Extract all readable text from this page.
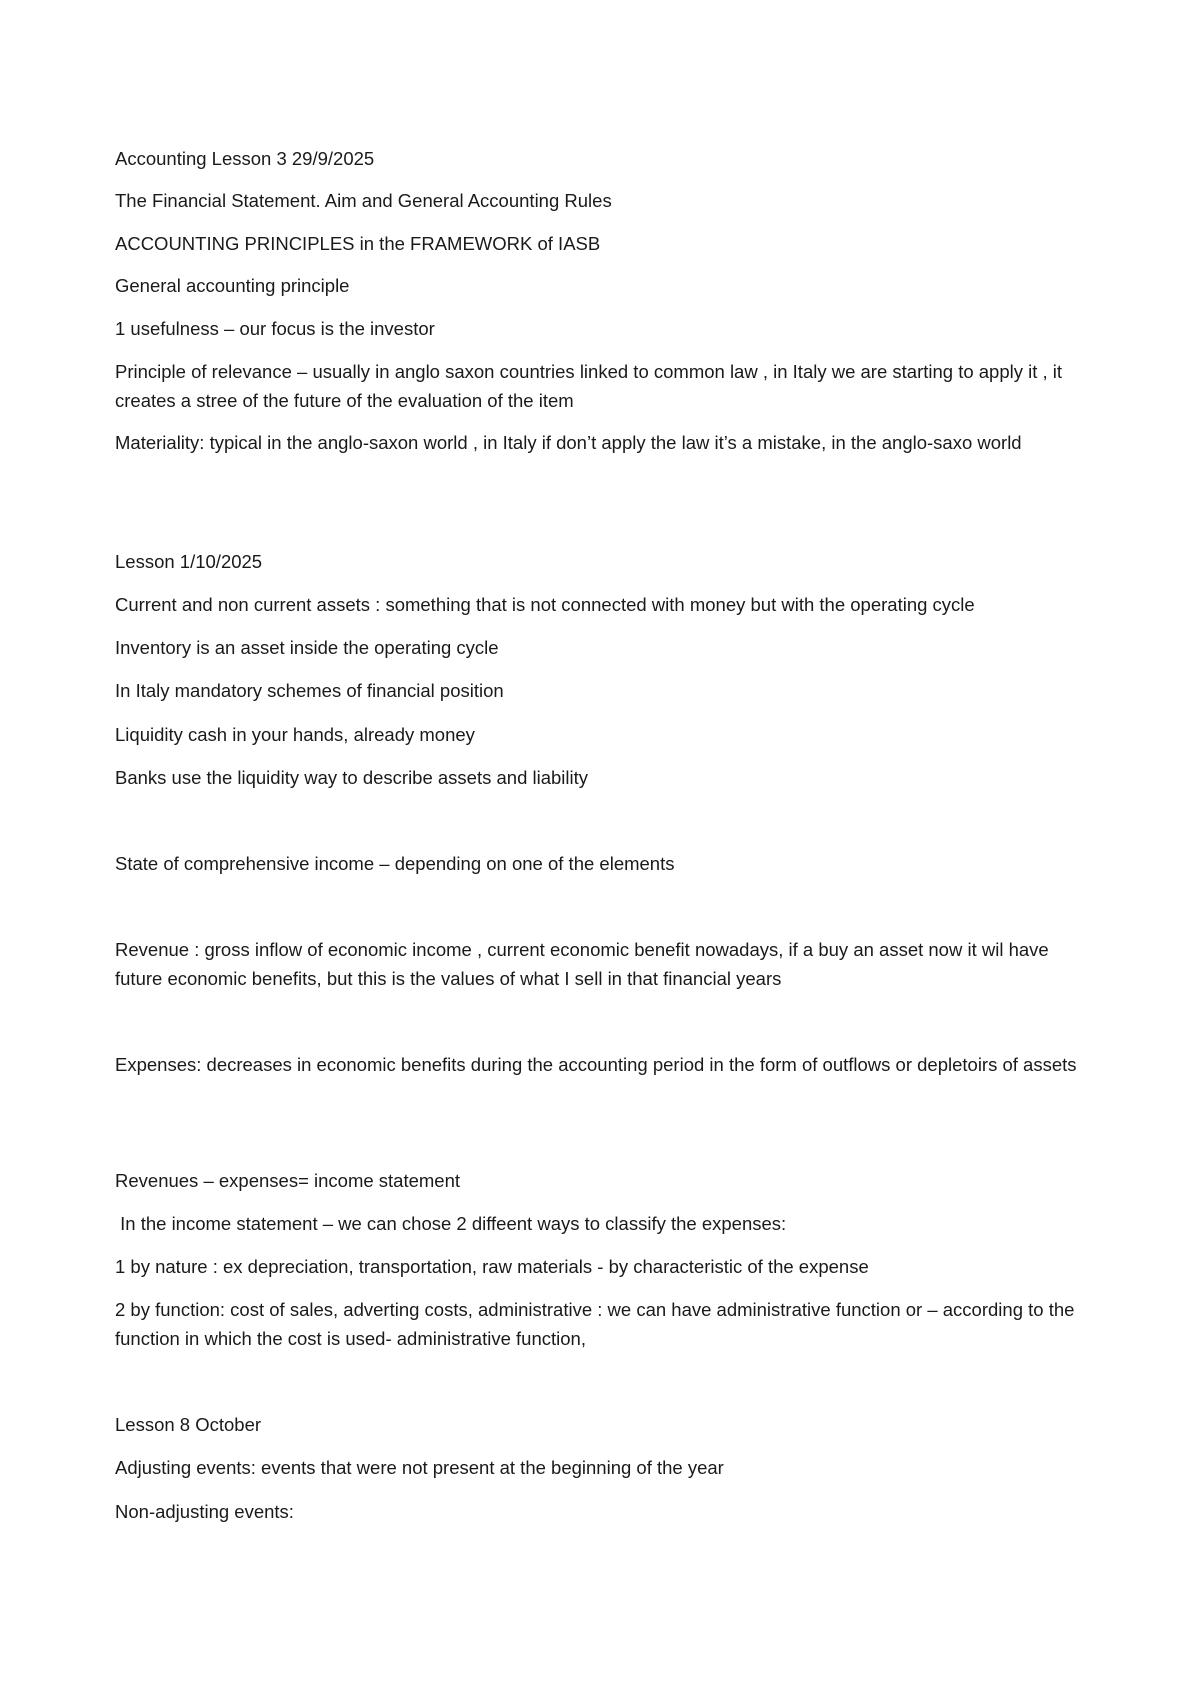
Accounting Lesson 3 29/9/2025

The Financial Statement. Aim and General Accounting Rules

ACCOUNTING PRINCIPLES in the FRAMEWORK of IASB

General accounting principle

1 usefulness – our focus is the investor

Principle of relevance – usually in anglo saxon countries linked to common law , in Italy we are starting to apply it , it creates a stree of the future of the evaluation of the item

Materiality: typical in the anglo-saxon world , in Italy if don’t apply the law it’s a mistake, in the anglo-saxo world

Lesson 1/10/2025

Current and non current assets : something that is not connected with money but with the operating cycle

Inventory is an asset inside the operating cycle

In Italy mandatory schemes of financial position

Liquidity cash in your hands, already money

Banks use the liquidity way to describe assets and liability

State of comprehensive income – depending on one of the elements

Revenue : gross inflow of economic income , current economic benefit nowadays, if a buy an asset now it wil have future economic benefits, but this is the values of what I sell in that financial years

Expenses: decreases in economic benefits during the accounting period in the form of outflows or depletoirs of assets

Revenues – expenses= income statement

In the income statement – we can chose 2 diffeent ways to classify the expenses:

1 by nature : ex depreciation, transportation, raw materials - by characteristic of the expense

2 by function: cost of sales, adverting costs, administrative : we can have administrative function or – according to the function in which the cost is used- administrative function,

Lesson 8 October

Adjusting events: events that were not present at the beginning of the year

Non-adjusting events:
